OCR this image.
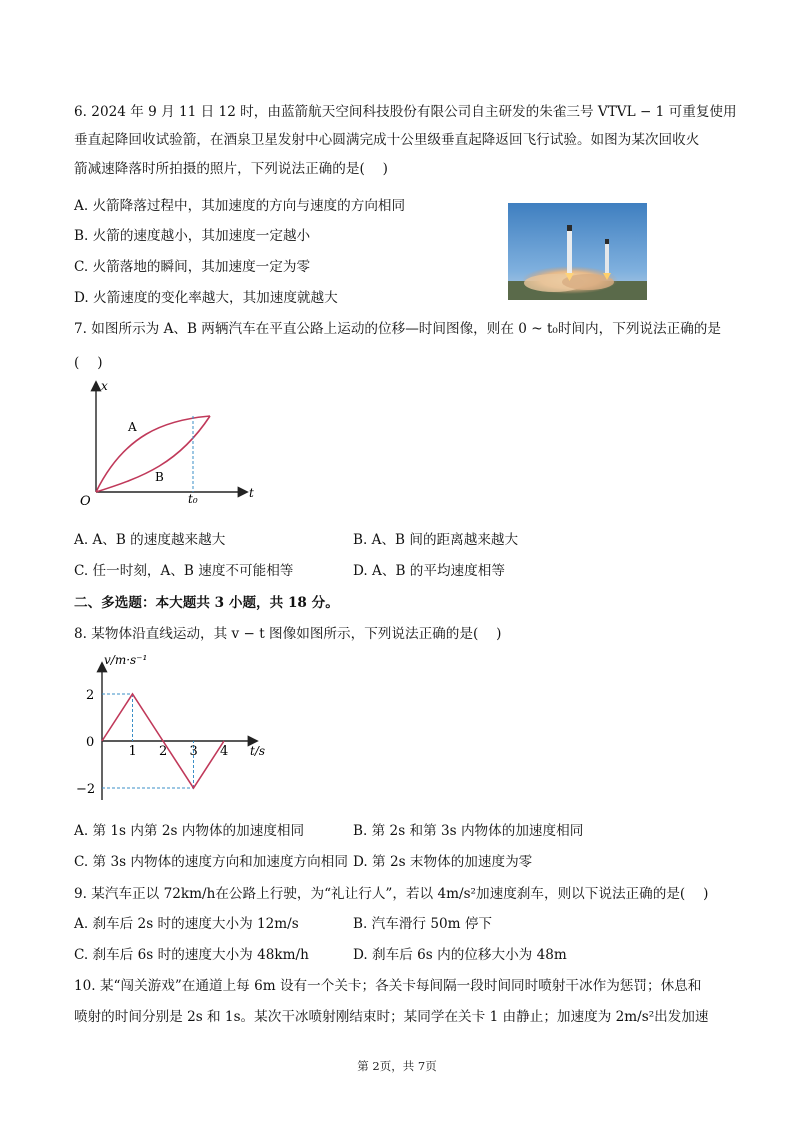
6. 2024 年 9 月 11 日 12 时，由蓝箭航天空间科技股份有限公司自主研发的朱雀三号 VTVL − 1 可重复使用
垂直起降回收试验箭，在酒泉卫星发射中心圆满完成十公里级垂直起降返回飞行试验。如图为某次回收火
箭减速降落时所拍摄的照片，下列说法正确的是(　 )
A. 火箭降落过程中，其加速度的方向与速度的方向相同
B. 火箭的速度越小，其加速度一定越小
C. 火箭落地的瞬间，其加速度一定为零
D. 火箭速度的变化率越大，其加速度就越大
7. 如图所示为 A、B 两辆汽车在平直公路上运动的位移—时间图像，则在 0 ~ t₀时间内，下列说法正确的是
(　 )
x
t
O
A
B
t₀
A. A、B 的速度越来越大	B. A、B 间的距离越来越大
C. 任一时刻，A、B 速度不可能相等	D. A、B 的平均速度相等
二、多选题：本大题共 3 小题，共 18 分。
8. 某物体沿直线运动，其 v − t 图像如图所示，下列说法正确的是(　 )
1 2 3 4
2
0
−2
v/m·s⁻¹
t/s
A. 第 1s 内第 2s 内物体的加速度相同	B. 第 2s 和第 3s 内物体的加速度相同
C. 第 3s 内物体的速度方向和加速度方向相同 D. 第 2s 末物体的加速度为零
9. 某汽车正以 72km/h在公路上行驶，为“礼让行人”，若以 4m/s²加速度刹车，则以下说法正确的是(　 )
A. 刹车后 2s 时的速度大小为 12m/s	B. 汽车滑行 50m 停下
C. 刹车后 6s 时的速度大小为 48km/h	D. 刹车后 6s 内的位移大小为 48m
10. 某“闯关游戏”在通道上每 6m 设有一个关卡；各关卡每间隔一段时间同时喷射干冰作为惩罚；休息和
喷射的时间分别是 2s 和 1s。某次干冰喷射刚结束时；某同学在关卡 1 由静止；加速度为 2m/s²出发加速
第 2页，共 7页
